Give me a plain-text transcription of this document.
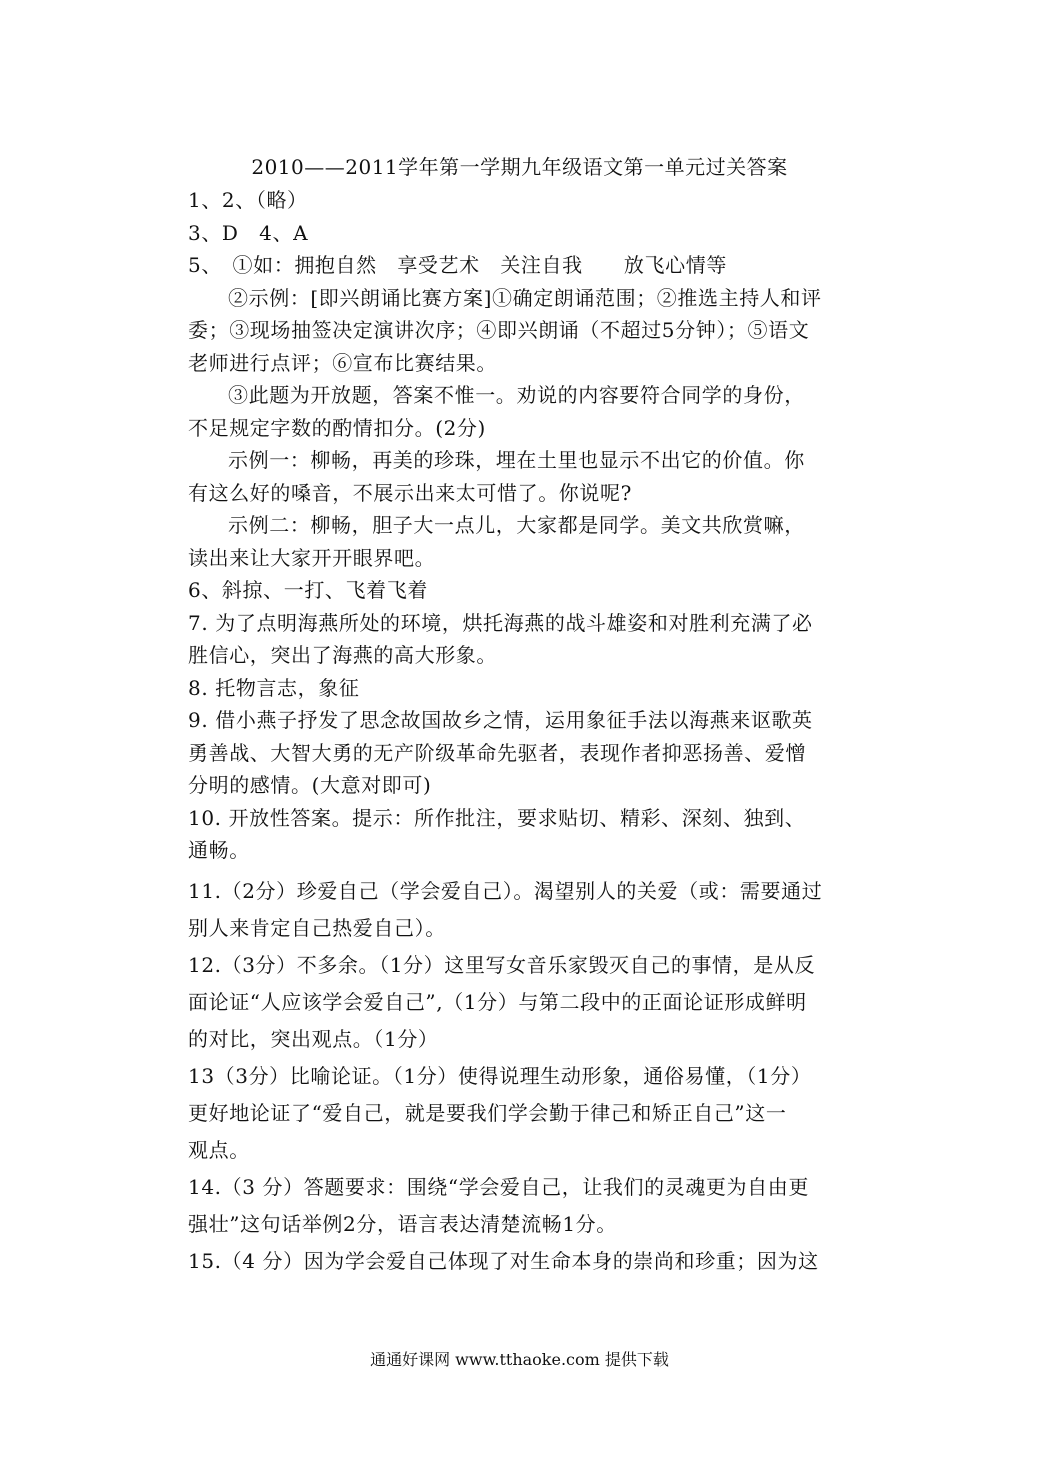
2010——2011学年第一学期九年级语文第一单元过关答案
1、2、（略）
3、D　4、A
5、　①如：拥抱自然　享受艺术　关注自我　　放飞心情等
②示例：[即兴朗诵比赛方案]①确定朗诵范围；②推选主持人和评
委；③现场抽签决定演讲次序；④即兴朗诵（不超过5分钟）；⑤语文
老师进行点评；⑥宣布比赛结果。
③此题为开放题，答案不惟一。劝说的内容要符合同学的身份，
不足规定字数的酌情扣分。(2分)
示例一：柳畅，再美的珍珠，埋在土里也显示不出它的价值。你
有这么好的嗓音，不展示出来太可惜了。你说呢?
示例二：柳畅，胆子大一点儿，大家都是同学。美文共欣赏嘛，
读出来让大家开开眼界吧。
6、斜掠、一打、飞着飞着
7. 为了点明海燕所处的环境，烘托海燕的战斗雄姿和对胜利充满了必
胜信心，突出了海燕的高大形象。
8. 托物言志，象征
9. 借小燕子抒发了思念故国故乡之情，运用象征手法以海燕来讴歌英
勇善战、大智大勇的无产阶级革命先驱者，表现作者抑恶扬善、爱憎
分明的感情。(大意对即可)
10. 开放性答案。提示：所作批注，要求贴切、精彩、深刻、独到、
通畅。
11.（2分）珍爱自己（学会爱自己）。渴望别人的关爱（或：需要通过
别人来肯定自己热爱自己）。
12.（3分）不多余。（1分）这里写女音乐家毁灭自己的事情，是从反
面论证“人应该学会爱自己”,（1分）与第二段中的正面论证形成鲜明
的对比，突出观点。（1分）
13（3分）比喻论证。（1分）使得说理生动形象，通俗易懂，（1分）
更好地论证了“爱自己，就是要我们学会勤于律己和矫正自己”这一
观点。
14.（3 分）答题要求：围绕“学会爱自己，让我们的灵魂更为自由更
强壮”这句话举例2分，语言表达清楚流畅1分。
15.（4 分）因为学会爱自己体现了对生命本身的崇尚和珍重；因为这
通通好课网 www.tthaoke.com 提供下载
